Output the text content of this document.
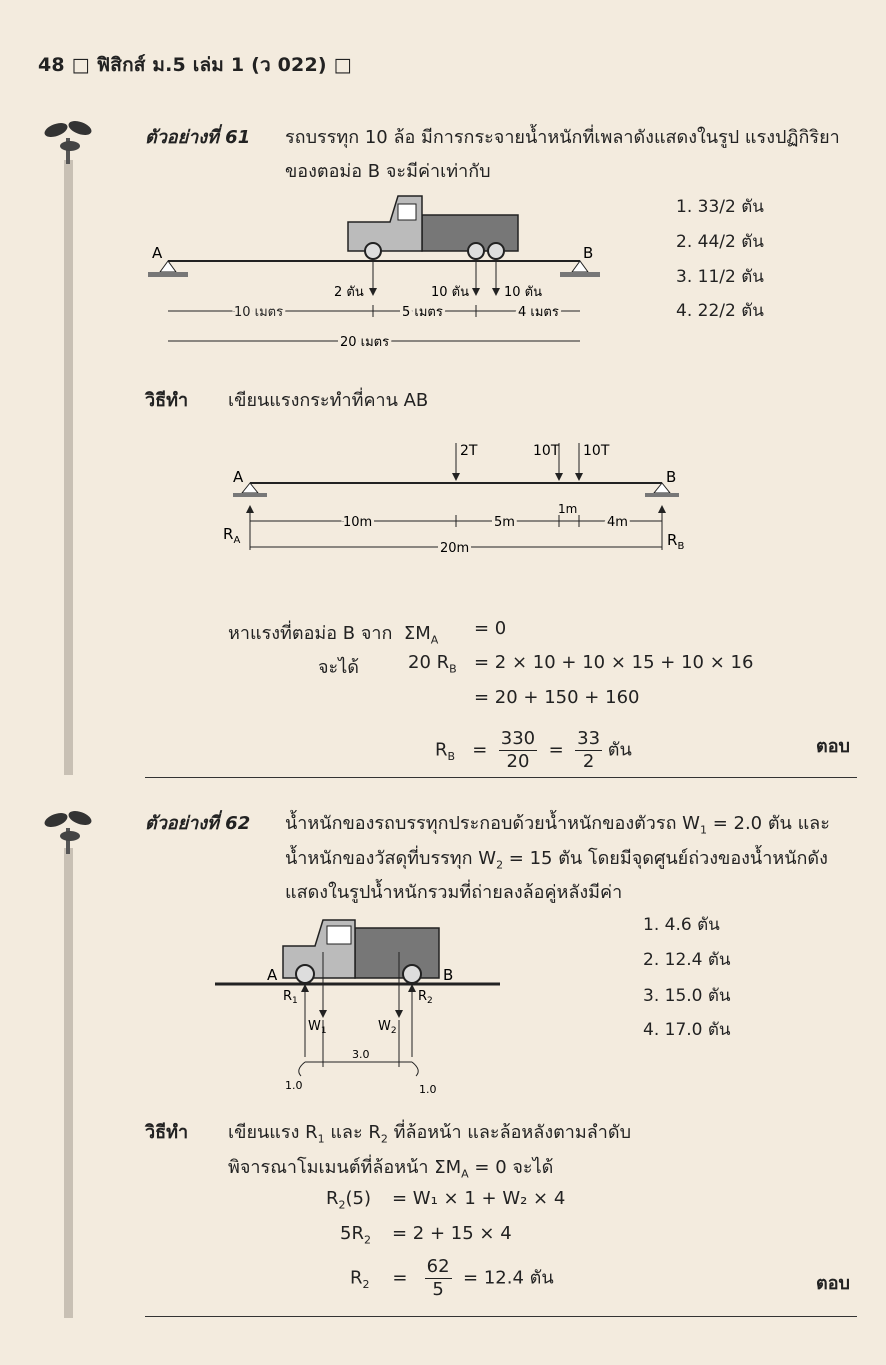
48 □ ฟิสิกส์ ม.5 เล่ม 1 (ว 022) □
ตัวอย่างที่ 61 รถบรรทุก 10 ล้อ มีการกระจายน้ำหนักที่เพลาดังแสดงในรูป แรงปฏิกิริยา
ของตอม่อ B จะมีค่าเท่ากับ
1. 33/2 ตัน
2. 44/2 ตัน
3. 11/2 ตัน
4. 22/2 ตัน
A	B
2 ตัน	10 ตัน	10 ตัน
10 เมตร	5 เมตร	4 เมตร
20 เมตร
วิธีทำ เขียนแรงกระทำที่คาน AB
A	B
2T	10T 10T
$R_A$	$R_B$
10m	5m
1m
4m
20m
หาแรงที่ตอม่อ B จาก $\Sigma M_A$
= 0
จะได้	20 $R_B = 2 \times 10 + 10 \times 15 + 10 \times 16$
= 20 + 150 + 160
$R_B = \frac{330}{20} = \frac{33}{2}$ ตัน	ตอบ
ตัวอย่างที่ 62 น้ำหนักของรถบรรทุกประกอบด้วยน้ำหนักของตัวรถ $W_1 = 2.0$ ตัน และ
น้ำหนักของวัสดุที่บรรทุก $W_2 = 15$ ตัน โดยมีจุดศูนย์ถ่วงของน้ำหนักดัง
แสดงในรูปน้ำหนักรวมที่ถ่ายลงล้อคู่หลังมีค่า
1. 4.6 ตัน
2. 12.4 ตัน
3. 15.0 ตัน
4. 17.0 ตัน
A	B
$R_1$	$R_2$
$W_1$	$W_2$
3.0
1.0	1.0
วิธีทำ เขียนแรง $R_1$ และ $R_2$ ที่ล้อหน้า และล้อหลังตามลำดับ
พิจารณาโมเมนต์ที่ล้อหน้า $\Sigma M_A = 0$ จะได้
$R_2(5) = W_1 \times 1 + W_2 \times 4$
$5R_2 = 2 + 15 \times 4$
$R_2 = \frac{62}{5} = 12.4$ ตัน	ตอบ
